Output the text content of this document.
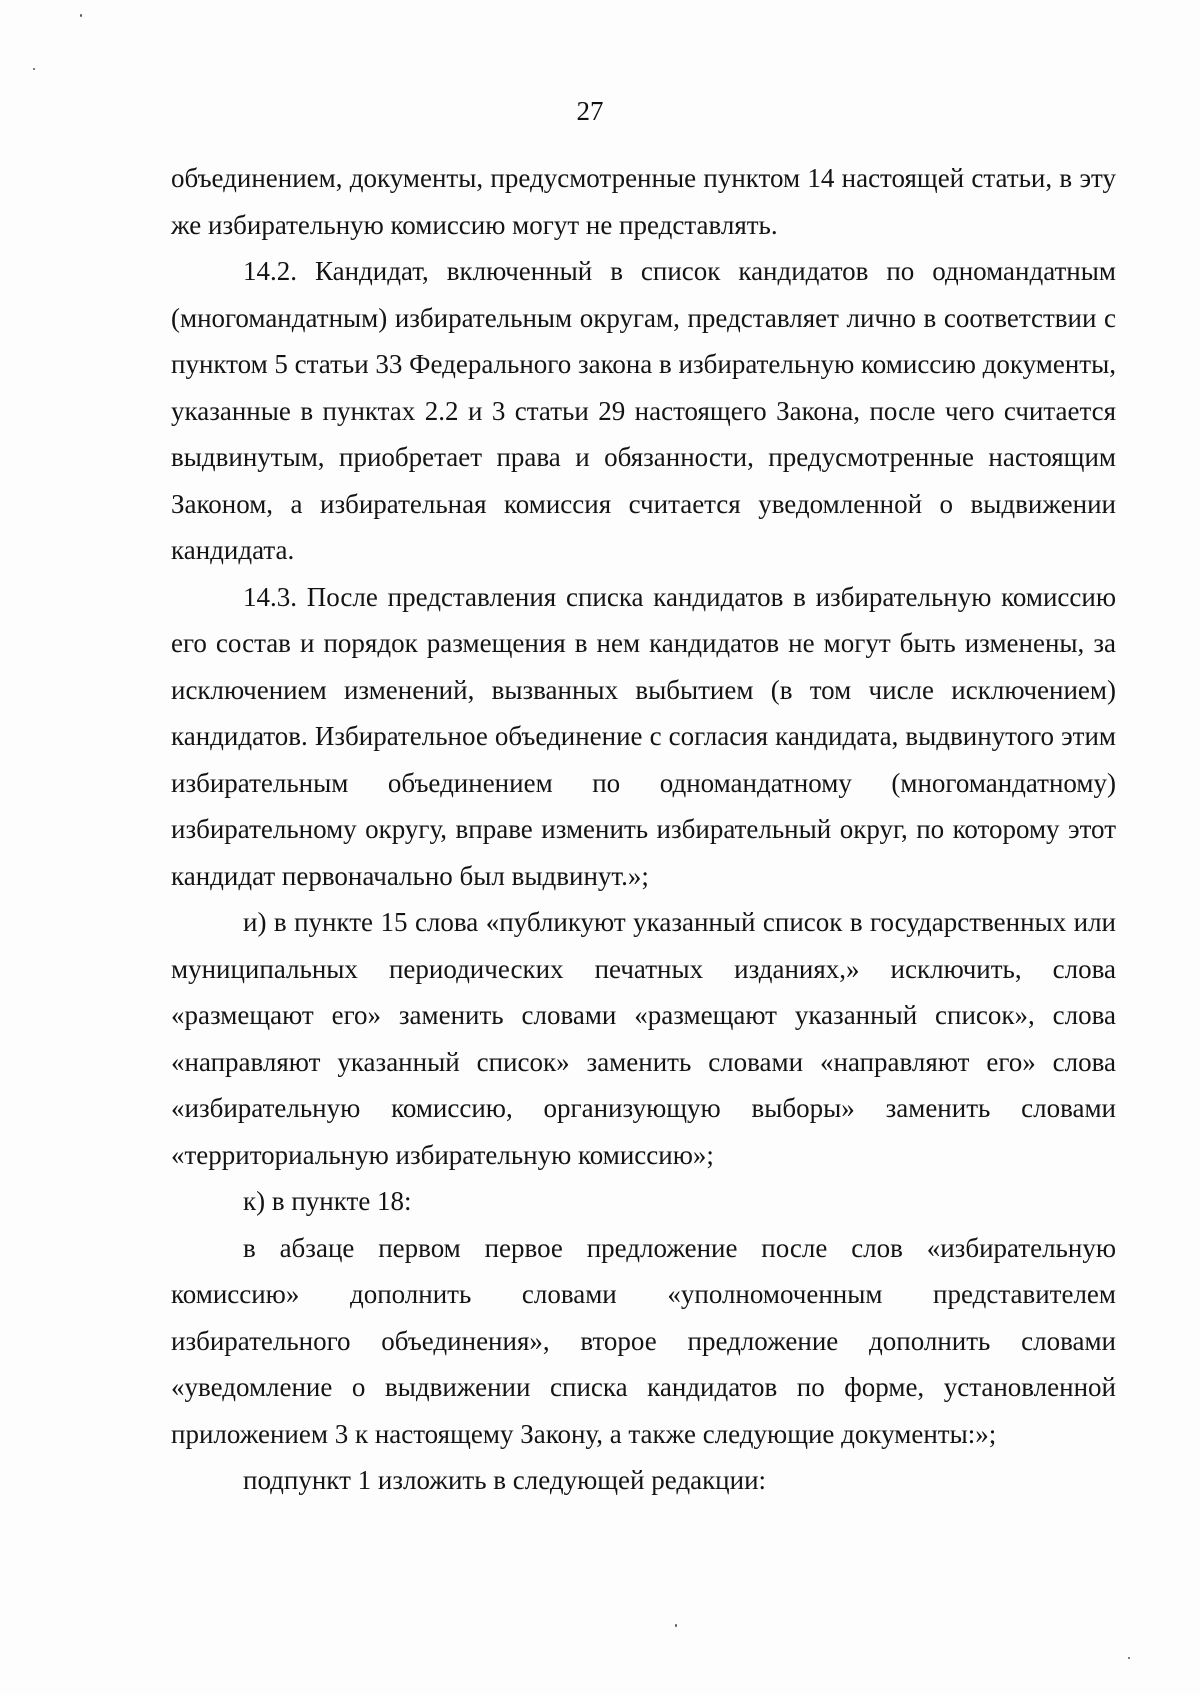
27

объединением, документы, предусмотренные пунктом 14 настоящей статьи, в эту же избирательную комиссию могут не представлять.

14.2. Кандидат, включенный в список кандидатов по одномандатным (многомандатным) избирательным округам, представляет лично в соответствии с пунктом 5 статьи 33 Федерального закона в избирательную комиссию документы, указанные в пунктах 2.2 и 3 статьи 29 настоящего Закона, после чего считается выдвинутым, приобретает права и обязанности, предусмотренные настоящим Законом, а избирательная комиссия считается уведомленной о выдвижении кандидата.

14.3. После представления списка кандидатов в избирательную комиссию его состав и порядок размещения в нем кандидатов не могут быть изменены, за исключением изменений, вызванных выбытием (в том числе исключением) кандидатов. Избирательное объединение с согласия кандидата, выдвинутого этим избирательным объединением по одномандатному (многомандатному) избирательному округу, вправе изменить избирательный округ, по которому этот кандидат первоначально был выдвинут.»;

и) в пункте 15 слова «публикуют указанный список в государственных или муниципальных периодических печатных изданиях,» исключить, слова «размещают его» заменить словами «размещают указанный список», слова «направляют указанный список» заменить словами «направляют его» слова «избирательную комиссию, организующую выборы» заменить словами «территориальную избирательную комиссию»;

к) в пункте 18:

в абзаце первом первое предложение после слов «избирательную комиссию» дополнить словами «уполномоченным представителем избирательного объединения», второе предложение дополнить словами «уведомление о выдвижении списка кандидатов по форме, установленной приложением 3 к настоящему Закону, а также следующие документы:»;

подпункт 1 изложить в следующей редакции:
